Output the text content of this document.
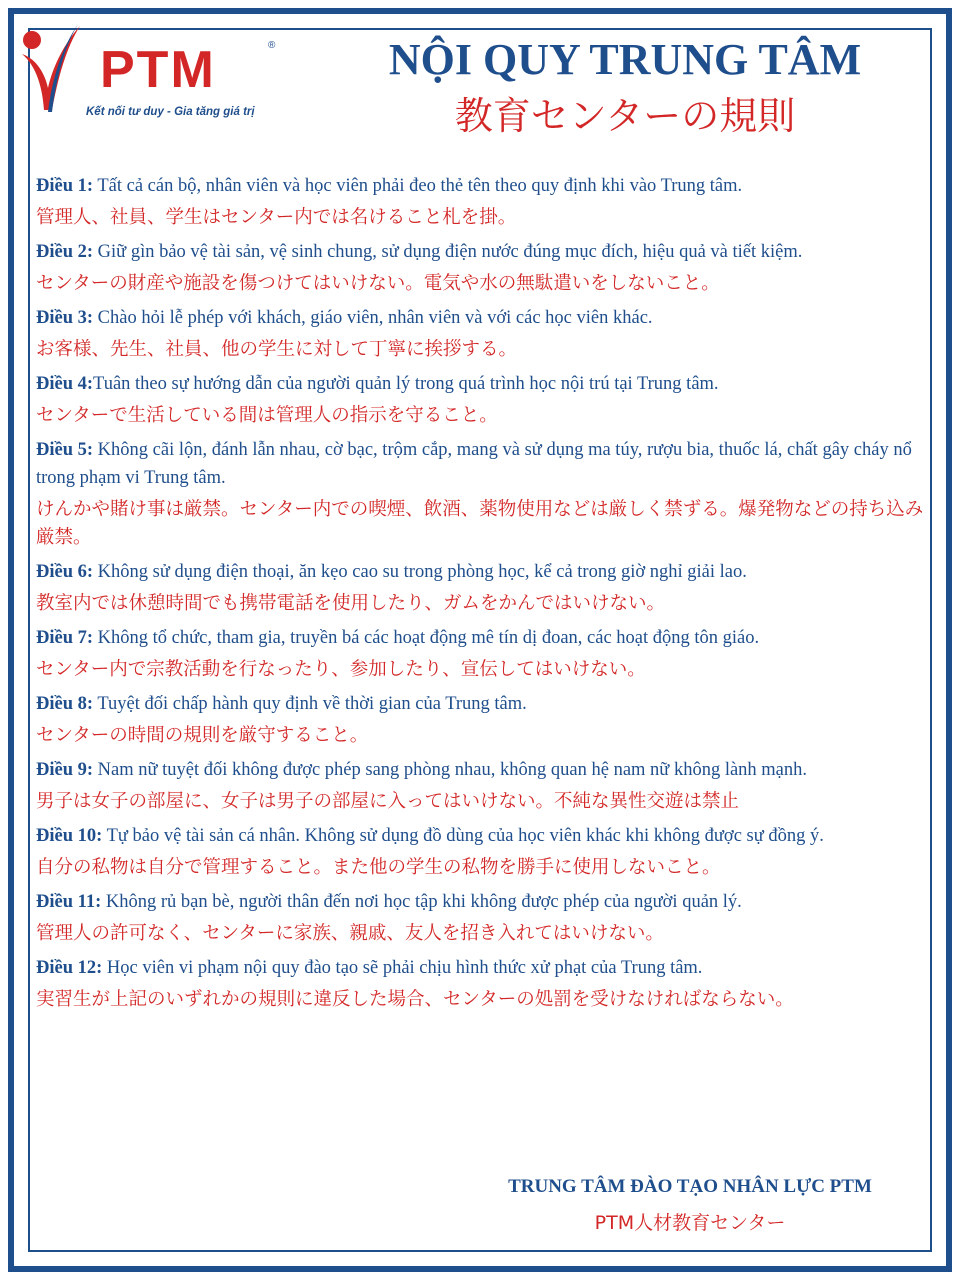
PTM	®
Kết nối tư duy - Gia tăng giá trị
NỘI QUY TRUNG TÂM
教育センターの規則
Điều 1: Tất cả cán bộ, nhân viên và học viên phải đeo thẻ tên theo quy định khi vào Trung tâm.
管理人、社員、学生はセンター内では名けること札を掛。
Điều 2: Giữ gìn bảo vệ tài sản, vệ sinh chung, sử dụng điện nước đúng mục đích, hiệu quả và tiết kiệm.
センターの財産や施設を傷つけてはいけない。電気や水の無駄遣いをしないこと。
Điều 3: Chào hỏi lễ phép với khách, giáo viên, nhân viên và với các học viên khác.
お客様、先生、社員、他の学生に対して丁寧に挨拶する。
Điều 4:Tuân theo sự hướng dẫn của người quản lý trong quá trình học nội trú tại Trung tâm.
センターで生活している間は管理人の指示を守ること。
Điều 5: Không cãi lộn, đánh lẫn nhau, cờ bạc, trộm cắp, mang và sử dụng ma túy, rượu bia, thuốc lá, chất gây cháy nổ trong phạm vi Trung tâm.
けんかや賭け事は厳禁。センター内での喫煙、飲酒、薬物使用などは厳しく禁ずる。爆発物などの持ち込み厳禁。
Điều 6: Không sử dụng điện thoại, ăn kẹo cao su trong phòng học, kể cả trong giờ nghỉ giải lao.
教室内では休憩時間でも携帯電話を使用したり、ガムをかんではいけない。
Điều 7: Không tổ chức, tham gia, truyền bá các hoạt động mê tín dị đoan, các hoạt động tôn giáo.
センター内で宗教活動を行なったり、参加したり、宣伝してはいけない。
Điều 8: Tuyệt đối chấp hành quy định về thời gian của Trung tâm.
センターの時間の規則を厳守すること。
Điều 9: Nam nữ tuyệt đối không được phép sang phòng nhau, không quan hệ nam nữ không lành mạnh.
男子は女子の部屋に、女子は男子の部屋に入ってはいけない。不純な異性交遊は禁止
Điều 10: Tự bảo vệ tài sản cá nhân. Không sử dụng đồ dùng của học viên khác khi không được sự đồng ý.
自分の私物は自分で管理すること。また他の学生の私物を勝手に使用しないこと。
Điều 11: Không rủ bạn bè, người thân đến nơi học tập khi không được phép của người quản lý.
管理人の許可なく、センターに家族、親戚、友人を招き入れてはいけない。
Điều 12: Học viên vi phạm nội quy đào tạo sẽ phải chịu hình thức xử phạt của Trung tâm.
実習生が上記のいずれかの規則に違反した場合、センターの処罰を受けなければならない。
TRUNG TÂM ĐÀO TẠO NHÂN LỰC PTM
PTM人材教育センター
